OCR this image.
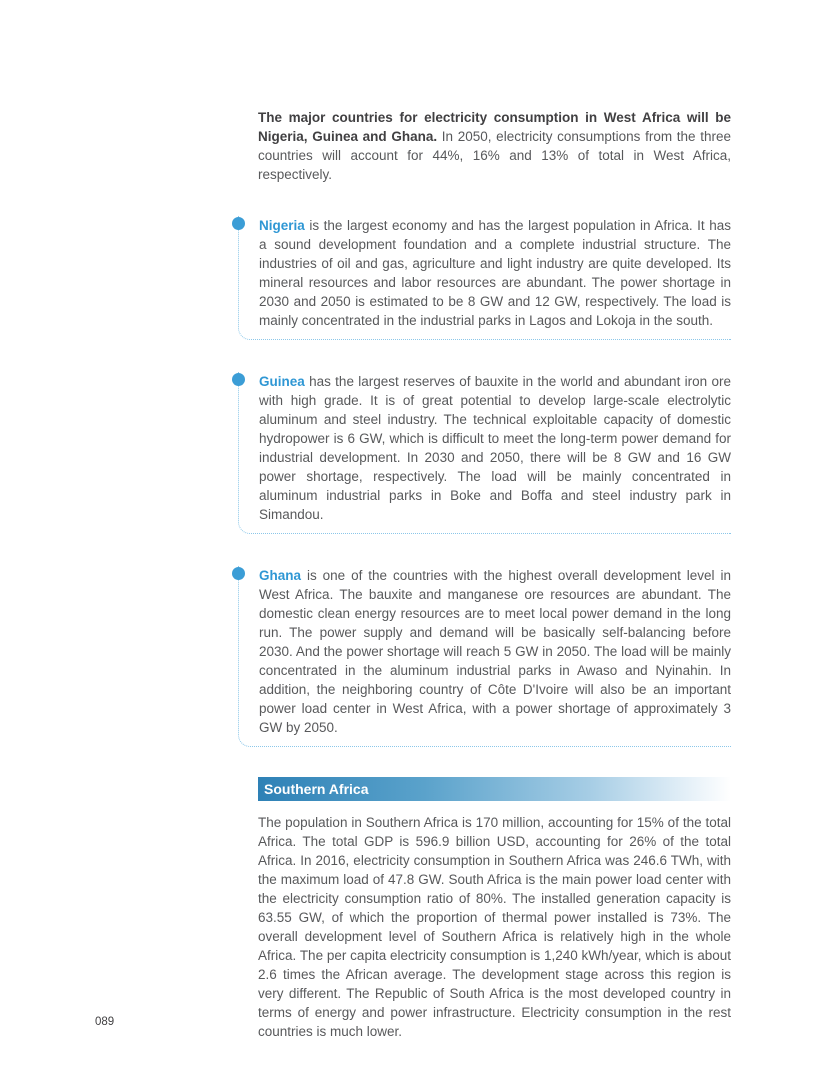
The major countries for electricity consumption in West Africa will be Nigeria, Guinea and Ghana. In 2050, electricity consumptions from the three countries will account for 44%, 16% and 13% of total in West Africa, respectively.

Nigeria is the largest economy and has the largest population in Africa. It has a sound development foundation and a complete industrial structure. The industries of oil and gas, agriculture and light industry are quite developed. Its mineral resources and labor resources are abundant. The power shortage in 2030 and 2050 is estimated to be 8 GW and 12 GW, respectively. The load is mainly concentrated in the industrial parks in Lagos and Lokoja in the south.

Guinea has the largest reserves of bauxite in the world and abundant iron ore with high grade. It is of great potential to develop large-scale electrolytic aluminum and steel industry. The technical exploitable capacity of domestic hydropower is 6 GW, which is difficult to meet the long-term power demand for industrial development. In 2030 and 2050, there will be 8 GW and 16 GW power shortage, respectively. The load will be mainly concentrated in aluminum industrial parks in Boke and Boffa and steel industry park in Simandou.

Ghana is one of the countries with the highest overall development level in West Africa. The bauxite and manganese ore resources are abundant. The domestic clean energy resources are to meet local power demand in the long run. The power supply and demand will be basically self-balancing before 2030. And the power shortage will reach 5 GW in 2050. The load will be mainly concentrated in the aluminum industrial parks in Awaso and Nyinahin. In addition, the neighboring country of Côte D'Ivoire will also be an important power load center in West Africa, with a power shortage of approximately 3 GW by 2050.

Southern Africa

The population in Southern Africa is 170 million, accounting for 15% of the total Africa. The total GDP is 596.9 billion USD, accounting for 26% of the total Africa. In 2016, electricity consumption in Southern Africa was 246.6 TWh, with the maximum load of 47.8 GW. South Africa is the main power load center with the electricity consumption ratio of 80%. The installed generation capacity is 63.55 GW, of which the proportion of thermal power installed is 73%. The overall development level of Southern Africa is relatively high in the whole Africa. The per capita electricity consumption is 1,240 kWh/year, which is about 2.6 times the African average. The development stage across this region is very different. The Republic of South Africa is the most developed country in terms of energy and power infrastructure. Electricity consumption in the rest countries is much lower.

089
